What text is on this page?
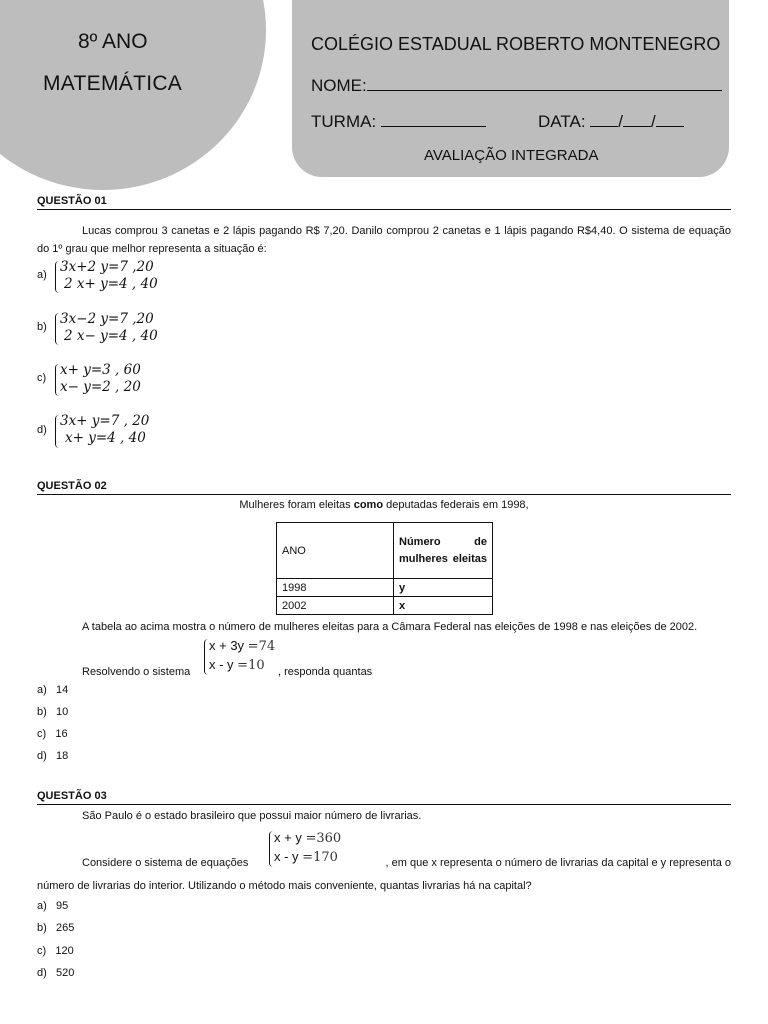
8º ANO
MATEMÁTICA
COLÉGIO ESTADUAL ROBERTO MONTENEGRO
NOME:
TURMA:	DATA: / /
AVALIAÇÃO INTEGRADA
QUESTÃO 01
Lucas comprou 3 canetas e 2 lápis pagando R$ 7,20. Danilo comprou 2 canetas e 1 lápis pagando R$4,40. O sistema de equação do 1º grau que melhor representa a situação é:
a) 3x+2 y=7 ,20
2 x+ y=4 , 40
b) 3x−2 y=7 ,20
2 x− y=4 , 40
c) x+ y=3 , 60
x− y=2 , 20
d)
3x+ y=7 , 20
x+ y=4 , 40
QUESTÃO 02
Mulheres foram eleitas como deputadas federais em 1998,
ANO	Número de mulheres eleitas
1998	y
2002	x
A tabela ao acima mostra o número de mulheres eleitas para a Câmara Federal nas eleições de 1998 e nas eleições de 2002.
Resolvendo o sistema
x + 3y =74
x - y =10	, responda quantas
a) 14
b) 10
c) 16
d) 18
QUESTÃO 03
São Paulo é o estado brasileiro que possui maior número de livrarias.
Considere o sistema de equações
x + y =360
x - y =170	, em que x representa o número de livrarias da capital e y representa o
número de livrarias do interior. Utilizando o método mais conveniente, quantas livrarias há na capital?
a) 95
b) 265
c) 120
d) 520
